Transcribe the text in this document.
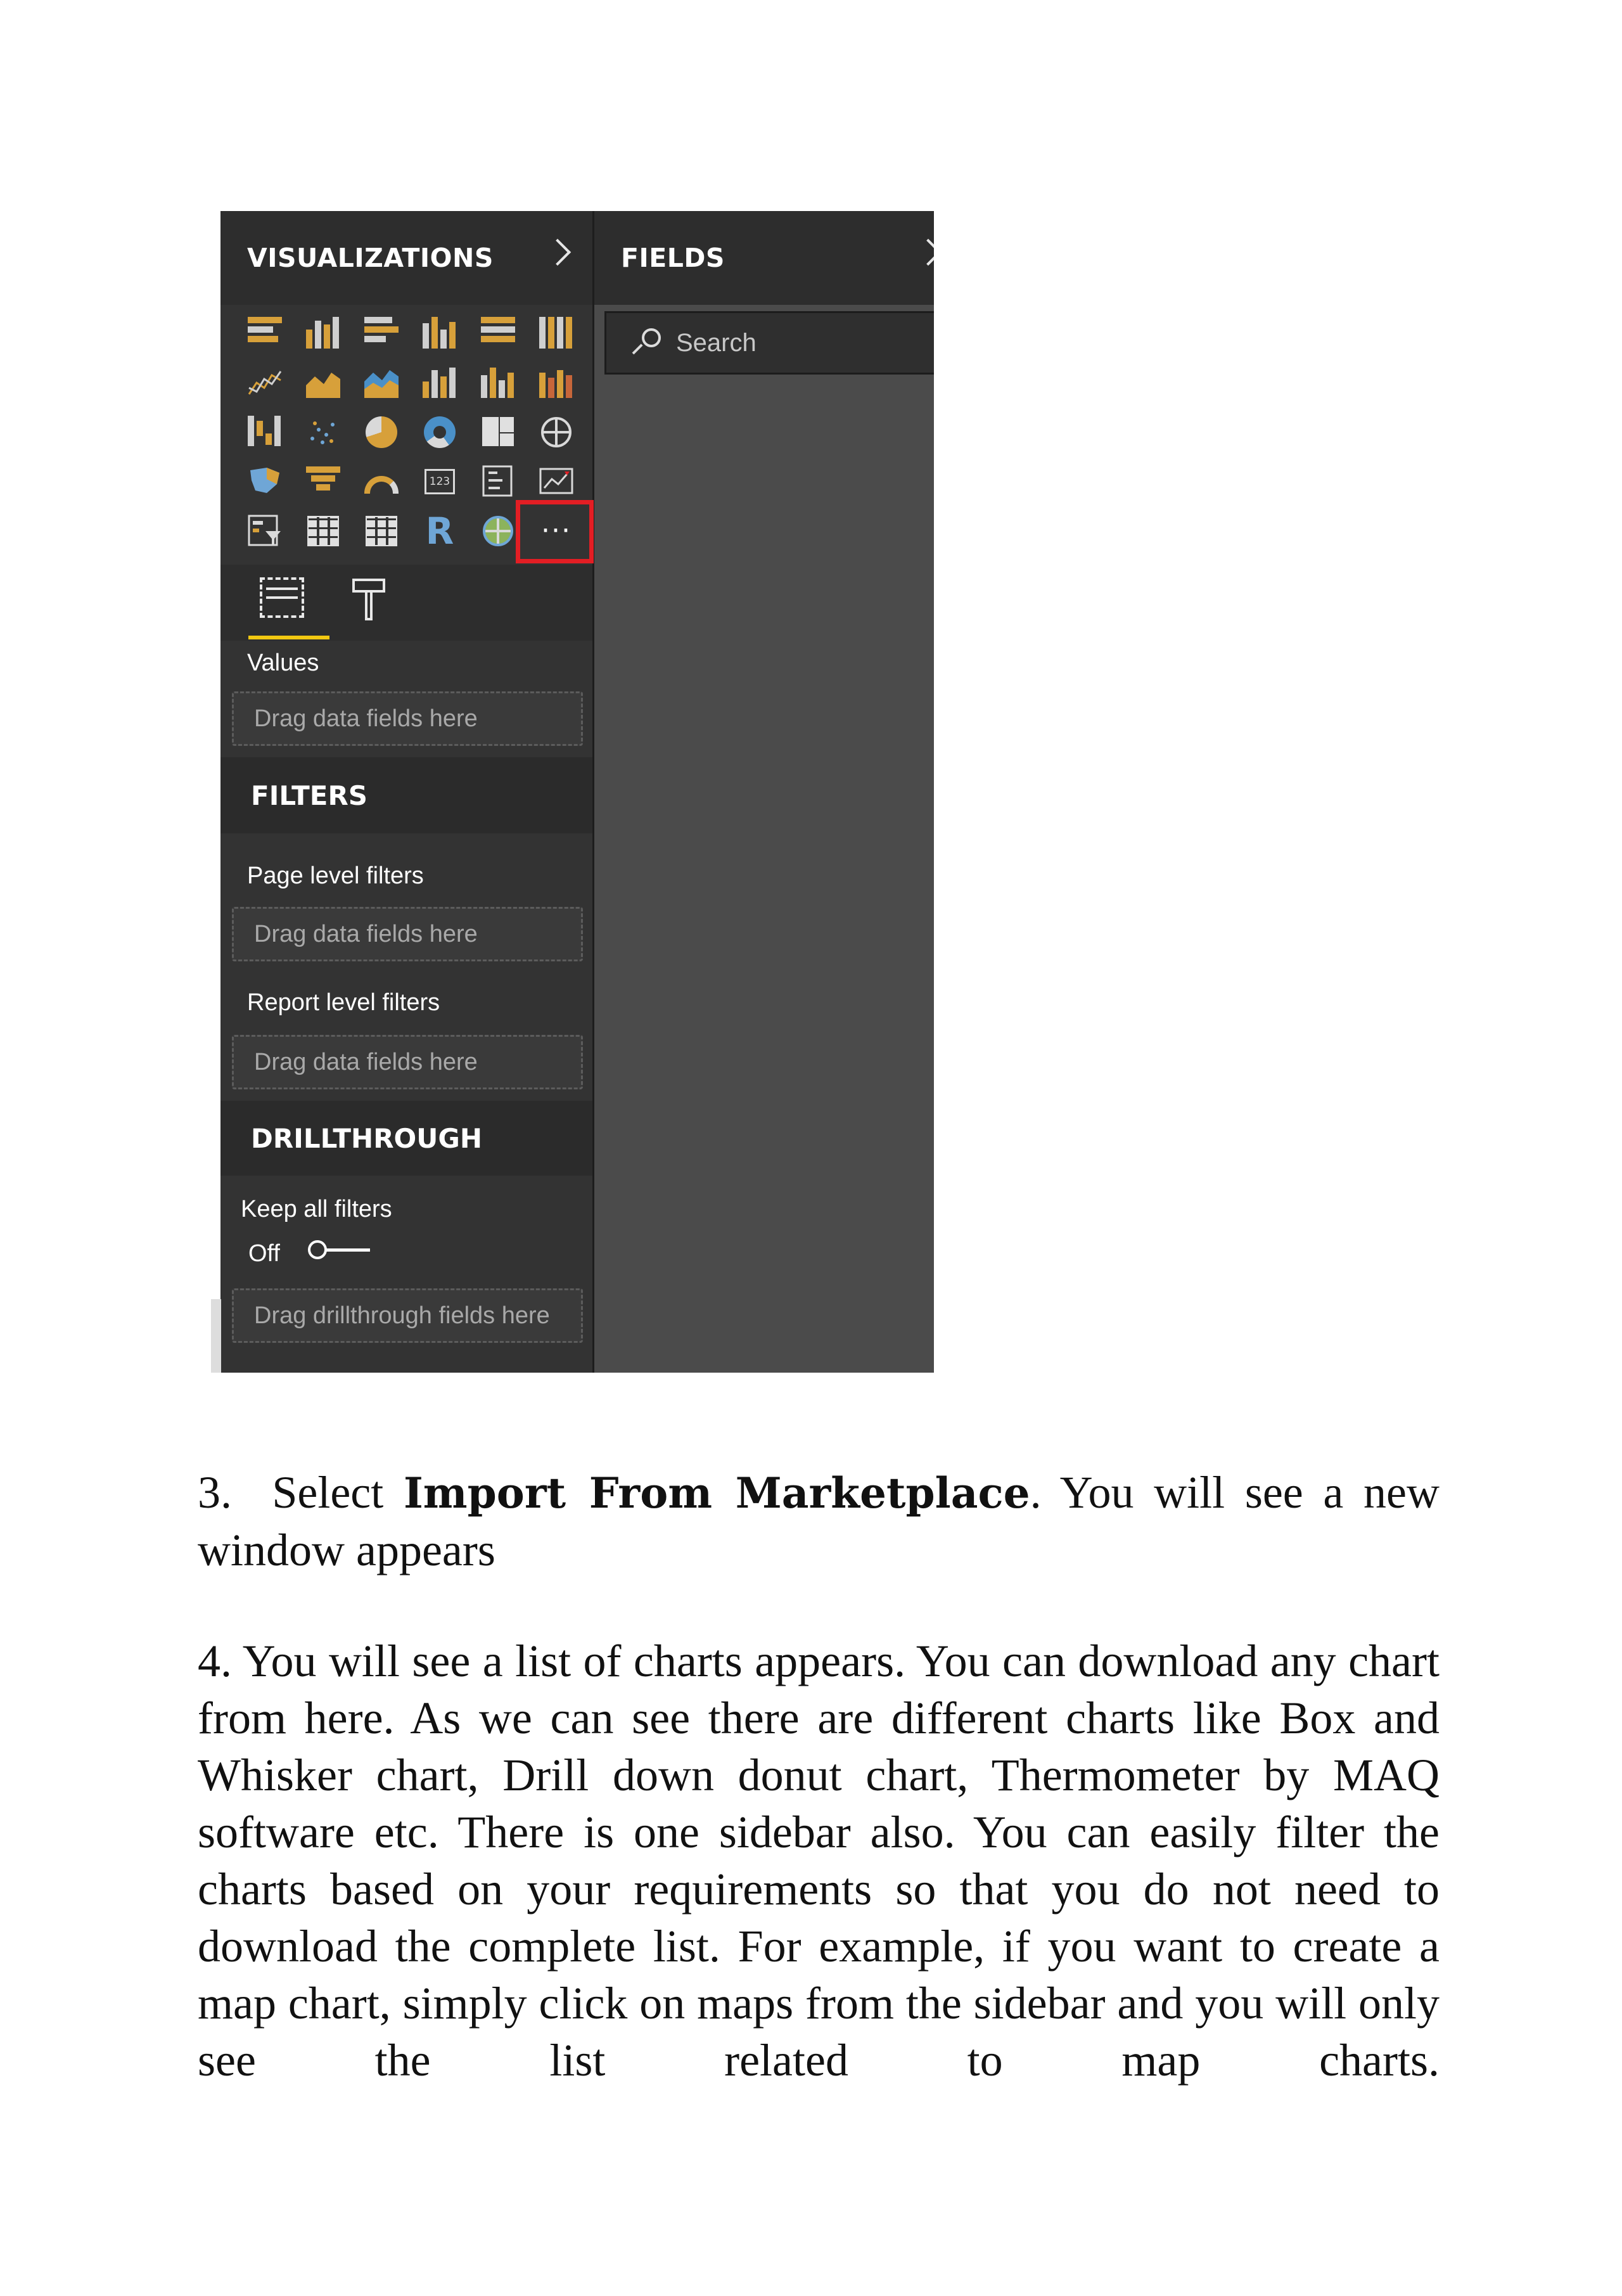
VISUALIZATIONS
123
R	···
Values
Drag data fields here
FILTERS
Page level filters
Drag data fields here
Report level filters
Drag data fields here
DRILLTHROUGH
Keep all filters
Off
Drag drillthrough fields here
FIELDS
Search
3. Select Import From Marketplace. You will see a new window appears
4. You will see a list of charts appears. You can download any chart from here. As we can see there are different charts like Box and Whisker chart, Drill down donut chart, Thermometer by MAQ software etc. There is one sidebar also. You can easily filter the charts based on your requirements so that you do not need to download the complete list. For example, if you want to create a map chart, simply click on maps from the sidebar and you will only see the list related to map charts.
